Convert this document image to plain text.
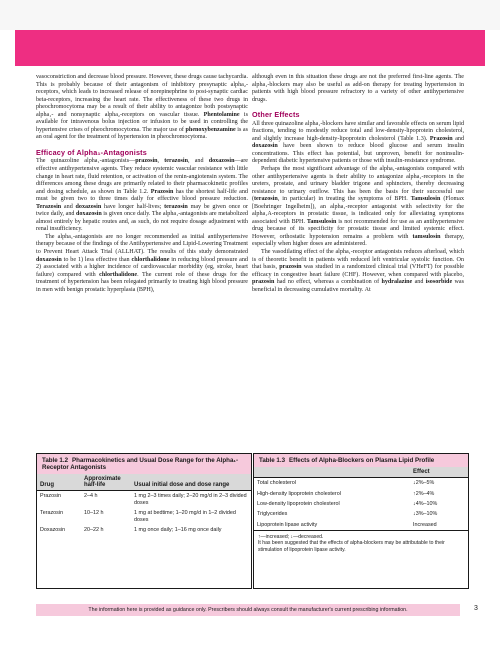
vasoconstriction and decrease blood pressure. However, these drugs cause tachycardia. This is probably because of their antagonism of inhibitory presynaptic alpha₂-receptors, which leads to increased release of norepinephrine to post-synaptic cardiac beta-receptors, increasing the heart rate. The effectiveness of these two drugs in pheochromocytoma may be a result of their ability to antagonize both postsynaptic alpha₁- and nonsynaptic alpha₂-receptors on vascular tissue. Phentolamine is available for intravenous bolus injection or infusion to be used in controlling the hypertensive crises of pheochromocytoma. The major use of phenoxybenzamine is as an oral agent for the treatment of hypertension in pheochromocytoma.

Efficacy of Alpha₁-Antagonists

The quinazoline alpha₁-antagonists—prazosin, terazosin, and doxazosin—are effective antihypertensive agents. They reduce systemic vascular resistance with little change in heart rate, fluid retention, or activation of the renin-angiotensin system. The differences among these drugs are primarily related to their pharmacokinetic profiles and dosing schedule, as shown in Table 1.2. Prazosin has the shortest half-life and must be given two to three times daily for effective blood pressure reduction. Terazosin and doxazosin have longer half-lives; terazosin may be given once or twice daily, and doxazosin is given once daily. The alpha₁-antagonists are metabolized almost entirely by hepatic routes and, as such, do not require dosage adjustment with renal insufficiency.

The alpha₁-antagonists are no longer recommended as initial antihypertensive therapy because of the findings of the Antihypertensive and Lipid-Lowering Treatment to Prevent Heart Attack Trial (ALLHAT). The results of this study demonstrated doxazosin to be 1) less effective than chlorthalidone in reducing blood pressure and 2) associated with a higher incidence of cardiovascular morbidity (eg, stroke, heart failure) compared with chlorthalidone. The current role of these drugs for the treatment of hypertension has been relegated primarily to treating high blood pressure in men with benign prostatic hyperplasia (BPH),

although even in this situation these drugs are not the preferred first-line agents. The alpha₁-blockers may also be useful as add-on therapy for treating hypertension in patients with high blood pressure refractory to a variety of other antihypertensive drugs.

Other Effects

All three quinazoline alpha₁-blockers have similar and favorable effects on serum lipid fractions, tending to modestly reduce total and low-density-lipoprotein cholesterol, and slightly increase high-density-lipoprotein cholesterol (Table 1.3). Prazosin and doxazosin have been shown to reduce blood glucose and serum insulin concentrations. This effect has potential, but unproven, benefit for noninsulin-dependent diabetic hypertensive patients or those with insulin-resistance syndrome.

Perhaps the most significant advantage of the alpha₁-antagonists compared with other antihypertensive agents is their ability to antagonize alpha₁-receptors in the ureters, prostate, and urinary bladder trigone and sphincters, thereby decreasing resistance to urinary outflow. This has been the basis for their successful use (terazosin, in particular) in treating the symptoms of BPH. Tamsulosin (Flomax [Boehringer Ingelheim]), an alpha₁-receptor antagonist with selectivity for the alpha₁A-receptors in prostatic tissue, is indicated only for alleviating symptoms associated with BPH. Tamsulosin is not recommended for use as an antihypertensive drug because of its specificity for prostatic tissue and limited systemic effect. However, orthostatic hypotension remains a problem with tamsulosin therapy, especially when higher doses are administered.

The vasodilating effect of the alpha₁-receptor antagonists reduces afterload, which is of theoretic benefit in patients with reduced left ventricular systolic function. On that basis, prazosin was studied in a randomized clinical trial (VHeFT) for possible efficacy in congestive heart failure (CHF). However, when compared with placebo, prazosin had no effect, whereas a combination of hydralazine and isosorbide was beneficial in decreasing cumulative mortality. At

Table 1.2 Pharmacokinetics and Usual Dose Range for the Alpha₁-Receptor Antagonists
Drug	Approximate half-life	Usual initial dose and dose range
Prazosin	2–4 h	1 mg 2–3 times daily; 2–20 mg/d in 2–3 divided doses
Terazosin	10–12 h	1 mg at bedtime; 1–20 mg/d in 1–2 divided doses
Doxazosin	20–22 h	1 mg once daily; 1–16 mg once daily
Table 1.3 Effects of Alpha-Blockers on Plasma Lipid Profile
	Effect
Total cholesterol	↓2%–5%
High-density lipoprotein cholesterol	↑2%–4%
Low-density lipoprotein cholesterol	↓4%–10%
Triglycerides	↓3%–10%
Lipoprotein lipase activity	Increased
↑—increased; ↓—decreased.
It has been suggested that the effects of alpha-blockers may be attributable to their stimulation of lipoprotein lipase activity.
The information here is provided as guidance only. Prescribers should always consult the manufacturer's current prescribing information.	3
